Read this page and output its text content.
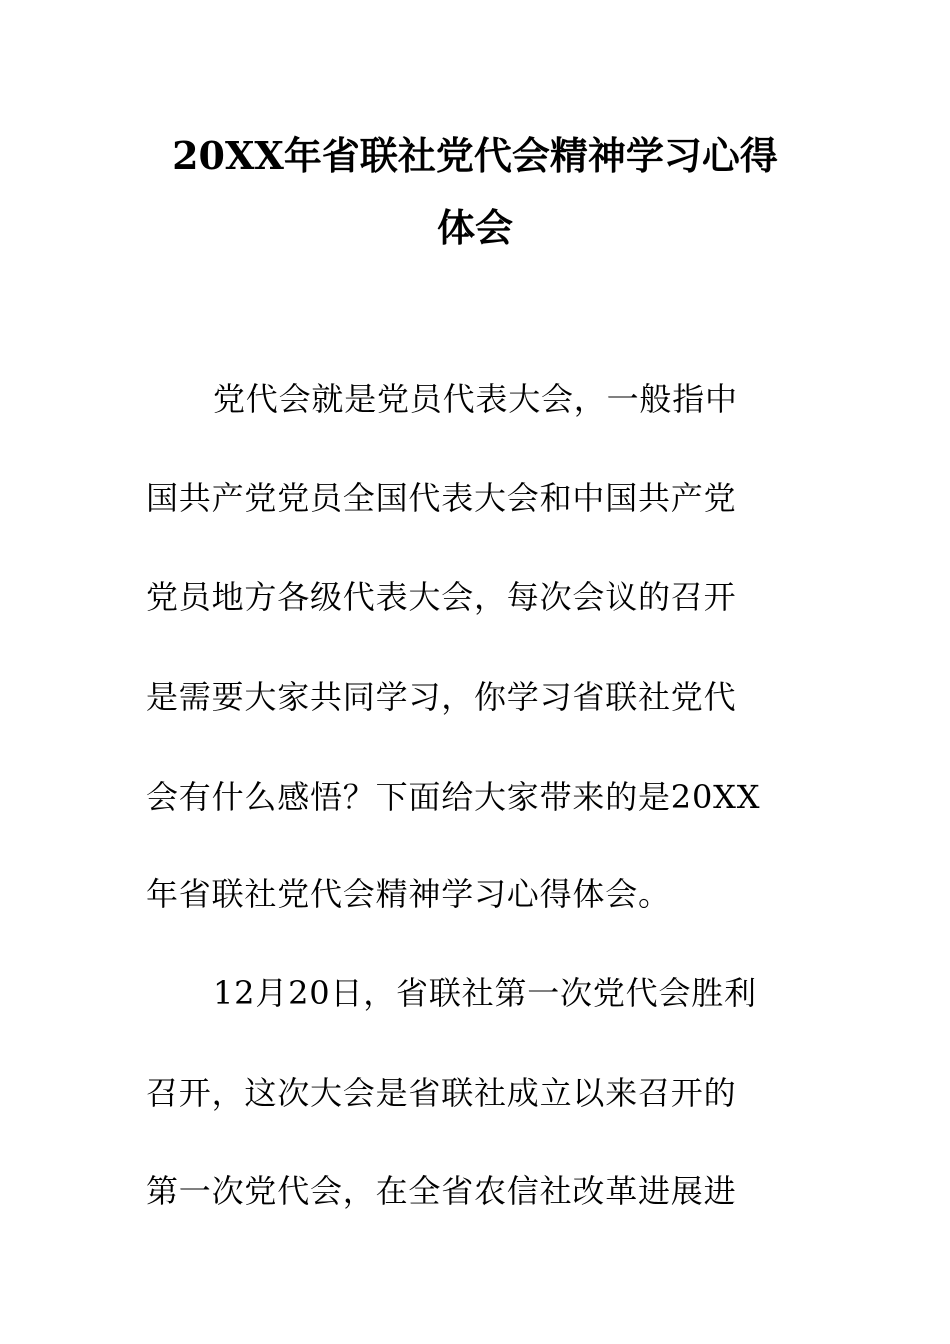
20XX年省联社党代会精神学习心得
体会
党代会就是党员代表大会，一般指中
国共产党党员全国代表大会和中国共产党
党员地方各级代表大会，每次会议的召开
是需要大家共同学习，你学习省联社党代
会有什么感悟？下面给大家带来的是20XX
年省联社党代会精神学习心得体会。
12月20日，省联社第一次党代会胜利
召开，这次大会是省联社成立以来召开的
第一次党代会，在全省农信社改革进展进
